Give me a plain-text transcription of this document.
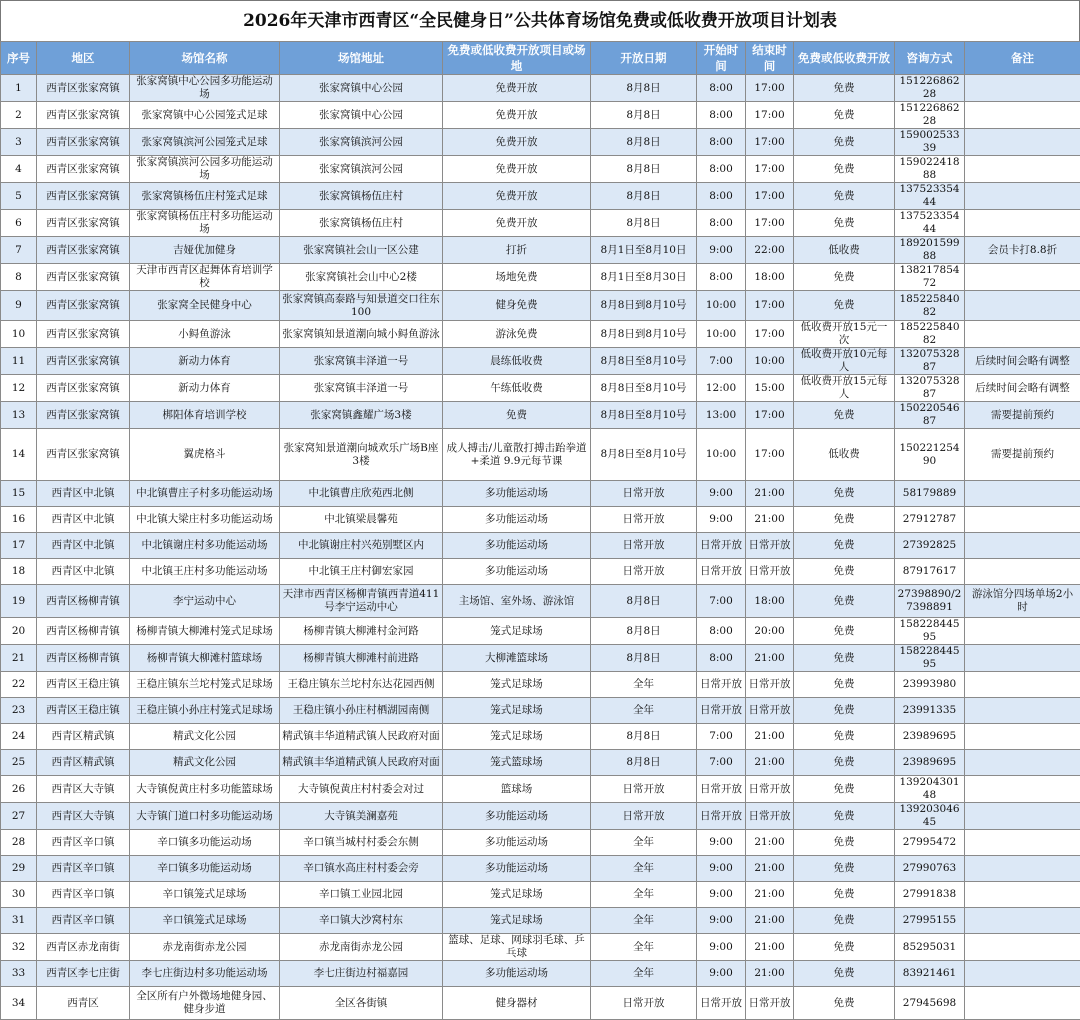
2026年天津市西青区“全民健身日”公共体育场馆免费或低收费开放项目计划表
序号	地区	场馆名称	场馆地址	免费或低收费开放项目或场地	开放日期	开始时间	结束时间	免费或低收费开放	咨询方式	备注
1	西青区张家窝镇	张家窝镇中心公园多功能运动场	张家窝镇中心公园	免费开放	8月8日	8:00	17:00	免费	15122686228	
2	西青区张家窝镇	张家窝镇中心公园笼式足球	张家窝镇中心公园	免费开放	8月8日	8:00	17:00	免费	15122686228	
3	西青区张家窝镇	张家窝镇滨河公园笼式足球	张家窝镇滨河公园	免费开放	8月8日	8:00	17:00	免费	15900253339	
4	西青区张家窝镇	张家窝镇滨河公园多功能运动场	张家窝镇滨河公园	免费开放	8月8日	8:00	17:00	免费	15902241888	
5	西青区张家窝镇	张家窝镇杨伍庄村笼式足球	张家窝镇杨伍庄村	免费开放	8月8日	8:00	17:00	免费	13752335444	
6	西青区张家窝镇	张家窝镇杨伍庄村多功能运动场	张家窝镇杨伍庄村	免费开放	8月8日	8:00	17:00	免费	13752335444	
7	西青区张家窝镇	吉娅优加健身	张家窝镇社会山一区公建	打折	8月1日至8月10日	9:00	22:00	低收费	18920159988	会员卡打8.8折
8	西青区张家窝镇	天津市西青区起舞体育培训学校	张家窝镇社会山中心2楼	场地免费	8月1日至8月30日	8:00	18:00	免费	13821785472	
9	西青区张家窝镇	张家窝全民健身中心	张家窝镇高泰路与知景道交口往东100	健身免费	8月8日到8月10号	10:00	17:00	免费	18522584082	
10	西青区张家窝镇	小鲟鱼游泳	张家窝镇知景道潮向城小鲟鱼游泳	游泳免费	8月8日到8月10号	10:00	17:00	低收费开放15元一次	18522584082	
11	西青区张家窝镇	新动力体育	张家窝镇丰泽道一号	晨练低收费	8月8日至8月10号	7:00	10:00	低收费开放10元每人	13207532887	后续时间会略有调整
12	西青区张家窝镇	新动力体育	张家窝镇丰泽道一号	午练低收费	8月8日至8月10号	12:00	15:00	低收费开放15元每人	13207532887	后续时间会略有调整
13	西青区张家窝镇	梆阳体育培训学校	张家窝镇鑫耀广场3楼	免费	8月8日至8月10号	13:00	17:00	免费	15022054687	需要提前预约
14	西青区张家窝镇	翼虎格斗	张家窝知景道潮向城欢乐广场B座3楼	成人搏击/儿童散打搏击跆拳道+柔道 9.9元每节课	8月8日至8月10号	10:00	17:00	低收费	15022125490	需要提前预约
15	西青区中北镇	中北镇曹庄子村多功能运动场	中北镇曹庄欣苑西北侧	多功能运动场	日常开放	9:00	21:00	免费	58179889	
16	西青区中北镇	中北镇大梁庄村多功能运动场	中北镇梁晨馨苑	多功能运动场	日常开放	9:00	21:00	免费	27912787	
17	西青区中北镇	中北镇谢庄村多功能运动场	中北镇谢庄村兴苑别墅区内	多功能运动场	日常开放	日常开放	日常开放	免费	27392825	
18	西青区中北镇	中北镇王庄村多功能运动场	中北镇王庄村御宏家园	多功能运动场	日常开放	日常开放	日常开放	免费	87917617	
19	西青区杨柳青镇	李宁运动中心	天津市西青区杨柳青镇西青道411号李宁运动中心	主场馆、室外场、游泳馆	8月8日	7:00	18:00	免费	27398890/27398891	游泳馆分四场单场2小时
20	西青区杨柳青镇	杨柳青镇大柳滩村笼式足球场	杨柳青镇大柳滩村金河路	笼式足球场	8月8日	8:00	20:00	免费	15822844595	
21	西青区杨柳青镇	杨柳青镇大柳滩村篮球场	杨柳青镇大柳滩村前进路	大柳滩篮球场	8月8日	8:00	21:00	免费	15822844595	
22	西青区王稳庄镇	王稳庄镇东兰坨村笼式足球场	王稳庄镇东兰坨村东达花园西侧	笼式足球场	全年	日常开放	日常开放	免费	23993980	
23	西青区王稳庄镇	王稳庄镇小孙庄村笼式足球场	王稳庄镇小孙庄村栖湖园南侧	笼式足球场	全年	日常开放	日常开放	免费	23991335	
24	西青区精武镇	精武文化公园	精武镇丰华道精武镇人民政府对面	笼式足球场	8月8日	7:00	21:00	免费	23989695	
25	西青区精武镇	精武文化公园	精武镇丰华道精武镇人民政府对面	笼式篮球场	8月8日	7:00	21:00	免费	23989695	
26	西青区大寺镇	大寺镇倪黄庄村多功能篮球场	大寺镇倪黄庄村村委会对过	篮球场	日常开放	日常开放	日常开放	免费	13920430148	
27	西青区大寺镇	大寺镇门道口村多功能运动场	大寺镇美澜嘉苑	多功能运动场	日常开放	日常开放	日常开放	免费	13920304645	
28	西青区辛口镇	辛口镇多功能运动场	辛口镇当城村村委会东侧	多功能运动场	全年	9:00	21:00	免费	27995472	
29	西青区辛口镇	辛口镇多功能运动场	辛口镇水高庄村村委会旁	多功能运动场	全年	9:00	21:00	免费	27990763	
30	西青区辛口镇	辛口镇笼式足球场	辛口镇工业园北园	笼式足球场	全年	9:00	21:00	免费	27991838	
31	西青区辛口镇	辛口镇笼式足球场	辛口镇大沙窝村东	笼式足球场	全年	9:00	21:00	免费	27995155	
32	西青区赤龙南街	赤龙南街赤龙公园	赤龙南街赤龙公园	篮球、足球、网球羽毛球、乒乓球	全年	9:00	21:00	免费	85295031	
33	西青区李七庄街	李七庄街边村多功能运动场	李七庄街边村福嘉园	多功能运动场	全年	9:00	21:00	免费	83921461	
34	西青区	全区所有户外微场地健身园、健身步道	全区各街镇	健身器材	日常开放	日常开放	日常开放	免费	27945698	
